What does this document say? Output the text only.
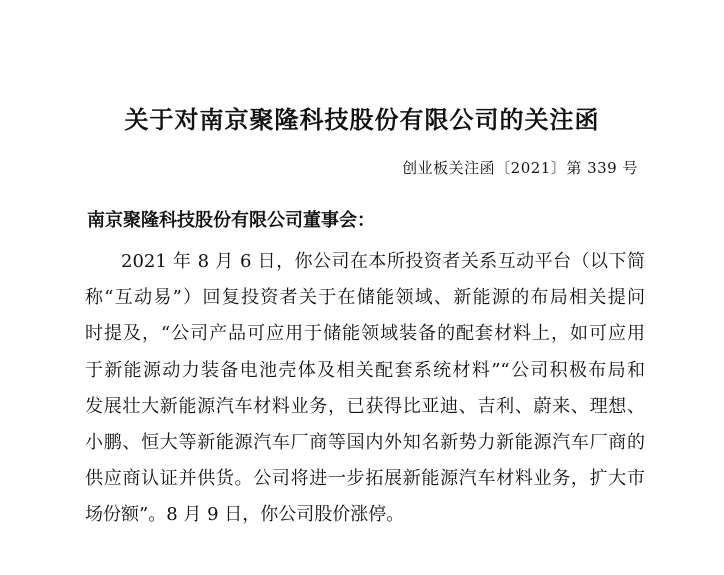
关于对南京聚隆科技股份有限公司的关注函
创业板关注函〔2021〕第 339 号
南京聚隆科技股份有限公司董事会：
2021 年 8 月 6 日，你公司在本所投资者关系互动平台（以下简
称“互动易”）回复投资者关于在储能领域、新能源的布局相关提问
时提及，“公司产品可应用于储能领域装备的配套材料上，如可应用
于新能源动力装备电池壳体及相关配套系统材料”“公司积极布局和
发展壮大新能源汽车材料业务，已获得比亚迪、吉利、蔚来、理想、
小鹏、恒大等新能源汽车厂商等国内外知名新势力新能源汽车厂商的
供应商认证并供货。公司将进一步拓展新能源汽车材料业务，扩大市
场份额”。8 月 9 日，你公司股价涨停。
